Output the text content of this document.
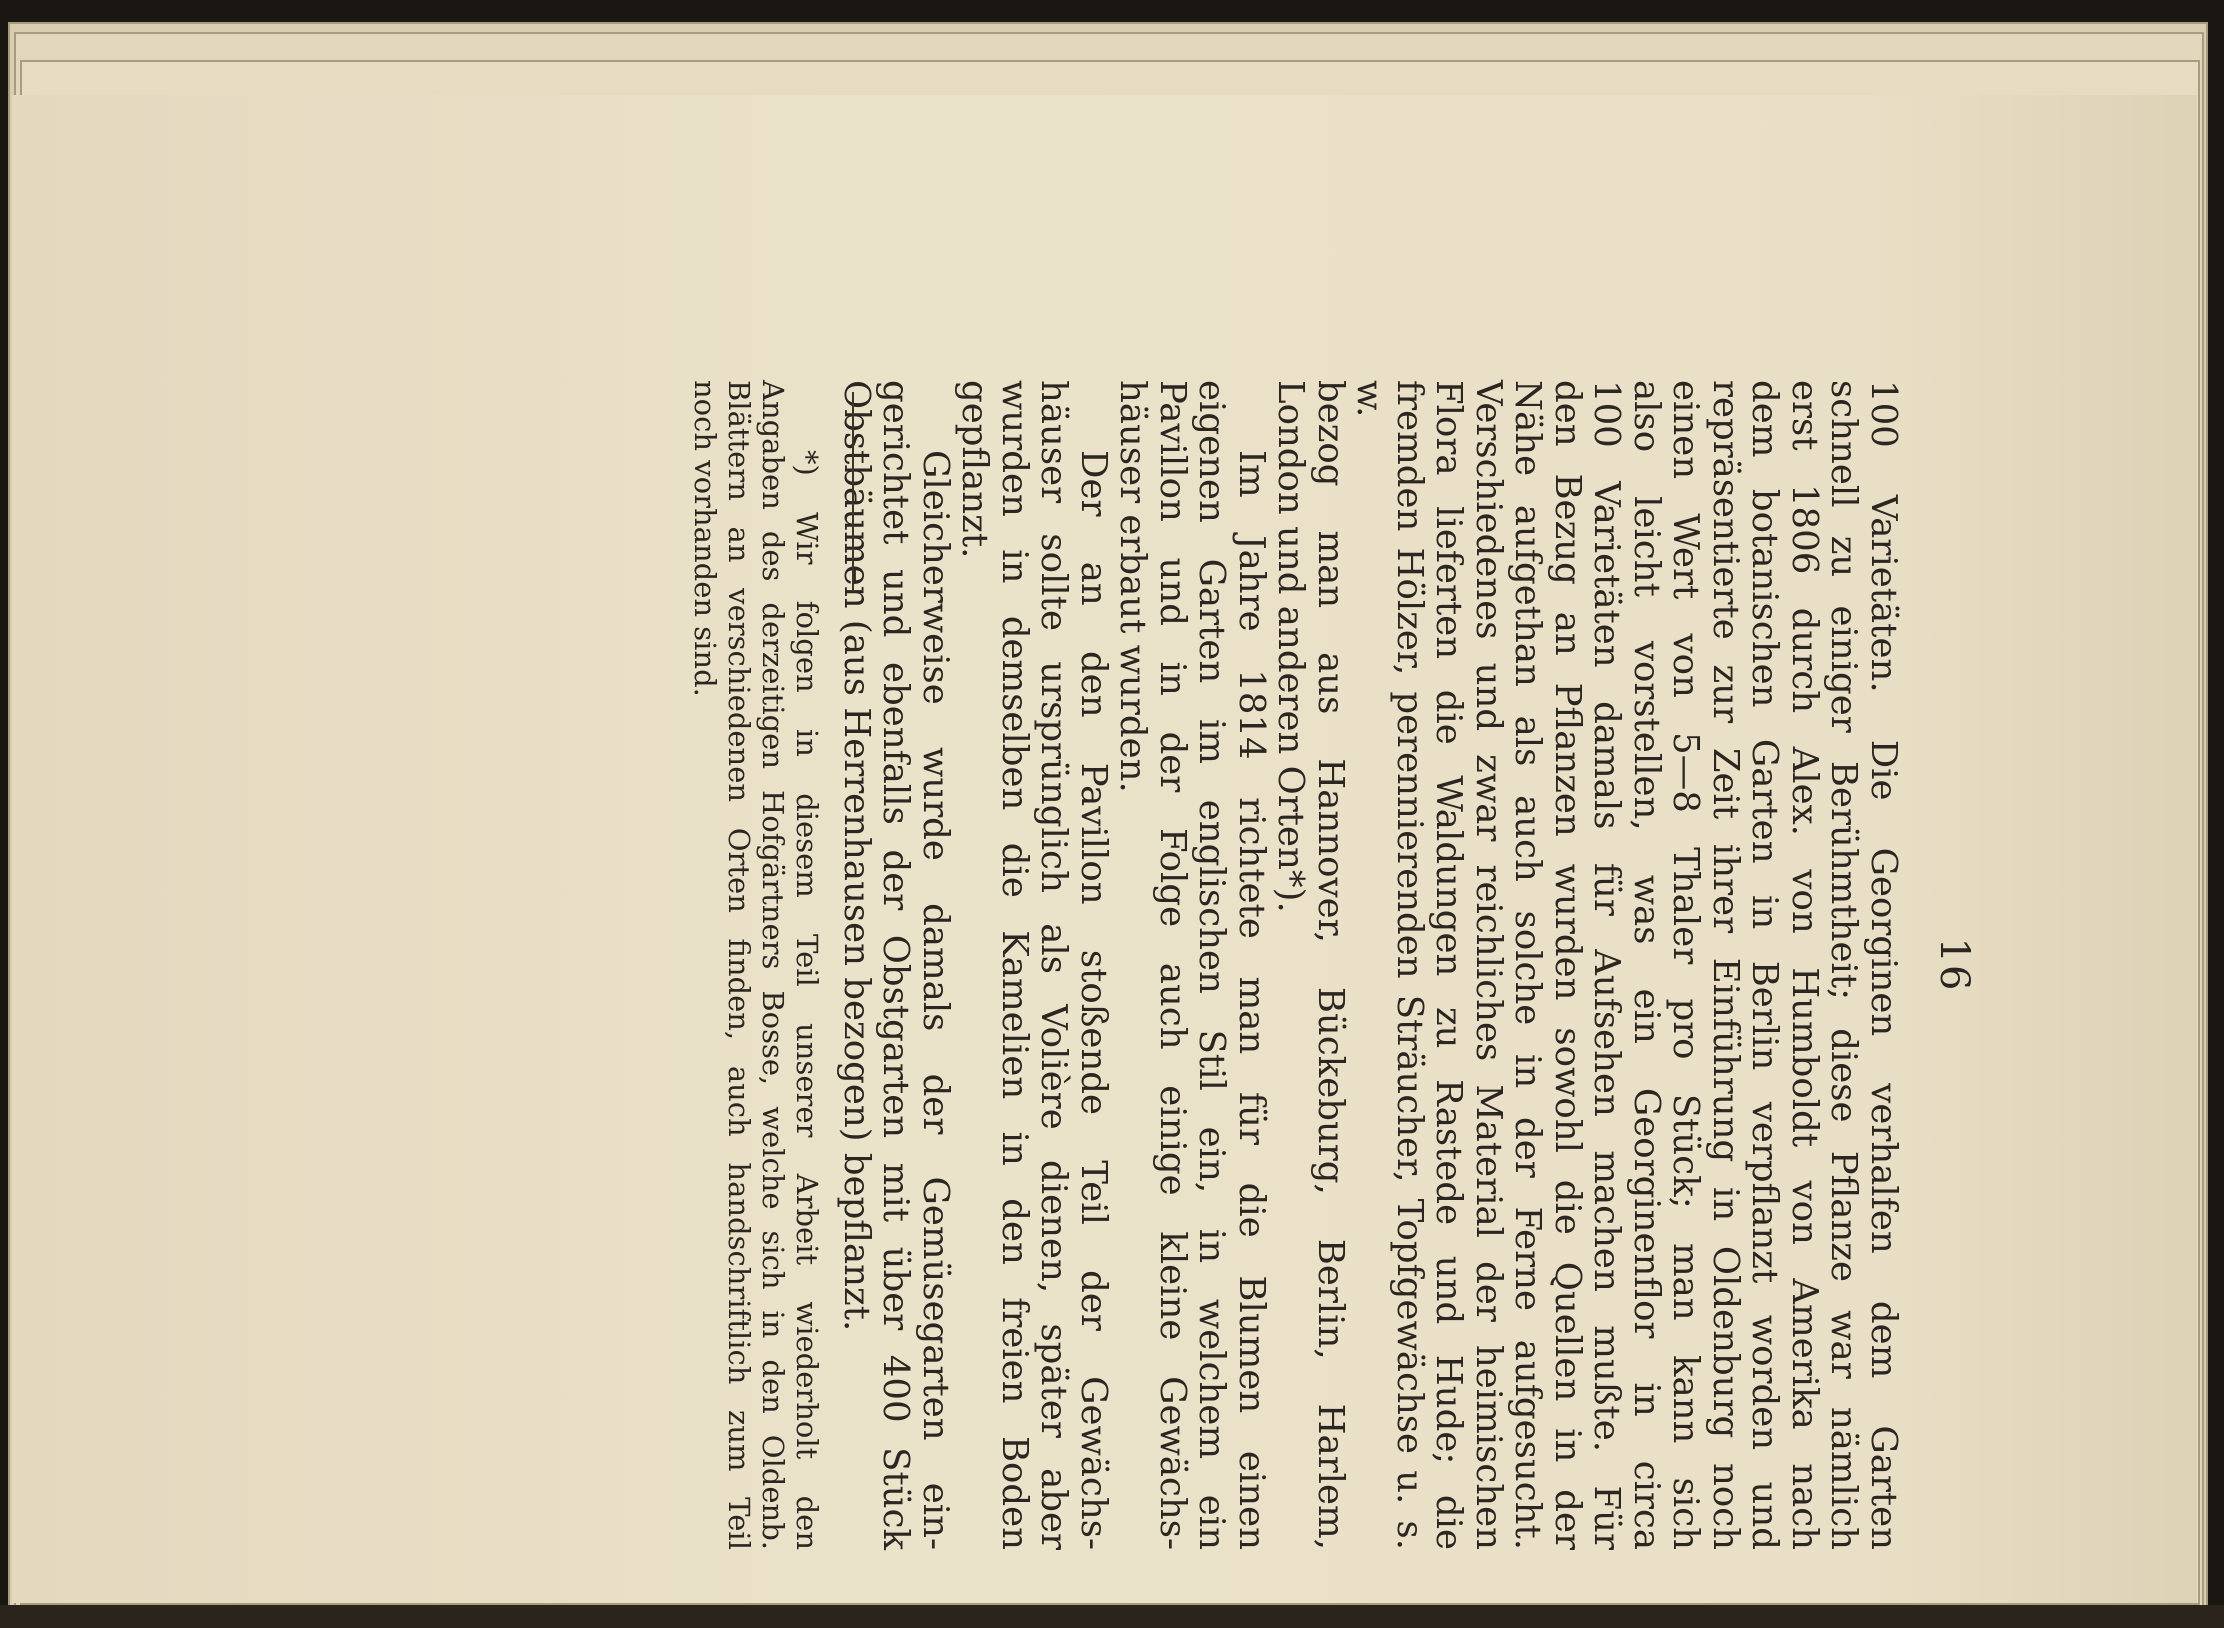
16

100 Varietäten. Die Georginen verhalfen dem Garten
schnell zu einiger Berühmtheit; diese Pflanze war nämlich
erst 1806 durch Alex. von Humboldt von Amerika nach
dem botanischen Garten in Berlin verpflanzt worden und
repräsentierte zur Zeit ihrer Einführung in Oldenburg noch
einen Wert von 5—8 Thaler pro Stück; man kann sich
also leicht vorstellen, was ein Georginenflor in circa
100 Varietäten damals für Aufsehen machen mußte. Für
den Bezug an Pflanzen wurden sowohl die Quellen in der
Nähe aufgethan als auch solche in der Ferne aufgesucht.
Verschiedenes und zwar reichliches Material der heimischen
Flora lieferten die Waldungen zu Rastede und Hude; die
fremden Hölzer, perennierenden Sträucher, Topfgewächse u. s. w.
bezog man aus Hannover, Bückeburg, Berlin, Harlem,
London und anderen Orten*).

Im Jahre 1814 richtete man für die Blumen einen
eigenen Garten im englischen Stil ein, in welchem ein
Pavillon und in der Folge auch einige kleine Gewächs-
häuser erbaut wurden.

Der an den Pavillon stoßende Teil der Gewächs-
häuser sollte ursprünglich als Volière dienen, später aber
wurden in demselben die Kamelien in den freien Boden
gepflanzt.

Gleicherweise wurde damals der Gemüsegarten ein-
gerichtet und ebenfalls der Obstgarten mit über 400 Stück
Obstbäumen (aus Herrenhausen bezogen) bepflanzt.

*) Wir folgen in diesem Teil unserer Arbeit wiederholt den
Angaben des derzeitigen Hofgärtners Bosse, welche sich in den Oldenb.
Blättern an verschiedenen Orten finden, auch handschriftlich zum Teil
noch vorhanden sind.
